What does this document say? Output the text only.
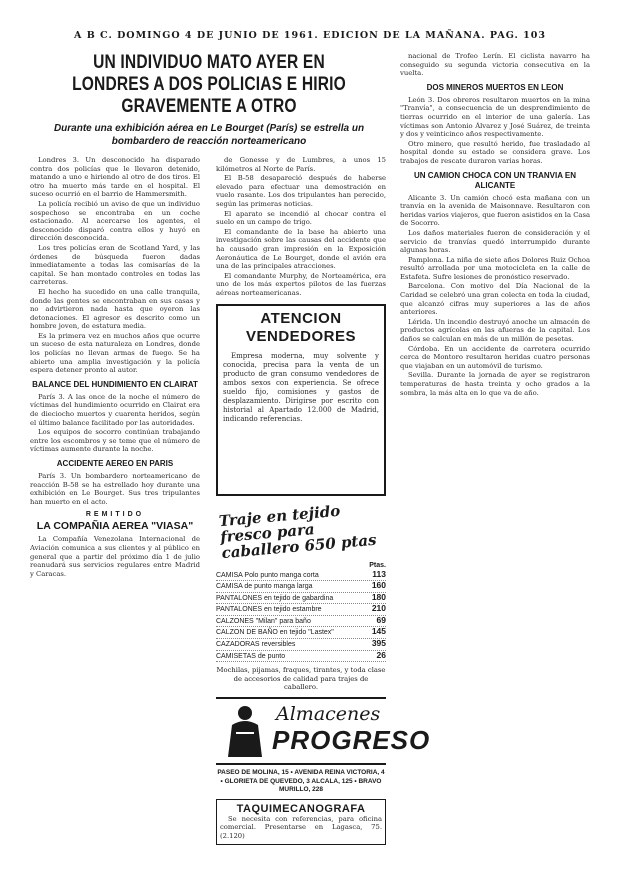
A B C. DOMINGO 4 DE JUNIO DE 1961. EDICION DE LA MAÑANA. PAG. 103
UN INDIVIDUO MATO AYER EN LONDRES A DOS POLICIAS E HIRIO GRAVEMENTE A OTRO
Durante una exhibición aérea en Le Bourget (París) se estrella un bombardero de reacción norteamericano

Londres 3. Un desconocido ha disparado contra dos policías que le llevaron detenido, matando a uno e hiriendo al otro de dos tiros. El otro ha muerto más tarde en el hospital. El suceso ocurrió en el barrio de Hammersmith.

La policía recibió un aviso de que un individuo sospechoso se encontraba en un coche estacionado. Al acercarse los agentes, el desconocido disparó contra ellos y huyó en dirección desconocida.

Los tres policías eran de Scotland Yard, y las órdenes de búsqueda fueron dadas inmediatamente a todas las comisarías de la capital. Se han montado controles en todas las carreteras.

El hecho ha sucedido en una calle tranquila, donde las gentes se encontraban en sus casas y no advirtieron nada hasta que oyeron las detonaciones. El agresor es descrito como un hombre joven, de estatura media.

Es la primera vez en muchos años que ocurre un suceso de esta naturaleza en Londres, donde los policías no llevan armas de fuego. Se ha abierto una amplia investigación y la policía espera detener pronto al autor.

BALANCE DEL HUNDIMIENTO EN CLAIRAT

París 3. A las once de la noche el número de víctimas del hundimiento ocurrido en Clairat era de dieciocho muertos y cuarenta heridos, según el último balance facilitado por las autoridades.

Los equipos de socorro continúan trabajando entre los escombros y se teme que el número de víctimas aumente durante la noche.

ACCIDENTE AEREO EN PARIS

París 3. Un bombardero norteamericano de reacción B-58 se ha estrellado hoy durante una exhibición en Le Bourget. Sus tres tripulantes han muerto en el acto.

REMITIDO
LA COMPAÑIA AEREA "VIASA"

La Compañía Venezolana Internacional de Aviación comunica a sus clientes y al público en general que a partir del próximo día 1 de julio reanudará sus servicios regulares entre Madrid y Caracas.

de Gonesse y de Lumbres, a unos 15 kilómetros al Norte de París.

El B-58 desapareció después de haberse elevado para efectuar una demostración en vuelo rasante. Los dos tripulantes han perecido, según las primeras noticias.

El aparato se incendió al chocar contra el suelo en un campo de trigo.

El comandante de la base ha abierto una investigación sobre las causas del accidente que ha causado gran impresión en la Exposición Aeronáutica de Le Bourget, donde el avión era una de las principales atracciones.

El comandante Murphy, de Norteamérica, era uno de los más expertos pilotos de las fuerzas aéreas norteamericanas.

ATENCION VENDEDORES

Empresa moderna, muy solvente y conocida, precisa para la venta de un producto de gran consumo vendedores de ambos sexos con experiencia. Se ofrece sueldo fijo, comisiones y gastos de desplazamiento. Dirigirse por escrito con historial al Apartado 12.000 de Madrid, indicando referencias.

Traje en tejido fresco para caballero 650 ptas
Ptas.
CAMISA Polo punto manga corta	113
CAMISA de punto manga larga	160
PANTALONES en tejido de gabardina	180
PANTALONES en tejido estambre	210
CALZONES "Milan" para baño	69
CALZON DE BAÑO en tejido "Lastex"	145
CAZADORAS reversibles	395
CAMISETAS de punto	26
Mochilas, pijamas, fraques, tirantes, y toda clase de accesorios de calidad para trajes de caballero.
Almacenes
PROGRESO
PASEO DE MOLINA, 15 • AVENIDA REINA VICTORIA, 4 • GLORIETA DE QUEVEDO, 3 ALCALA, 125 • BRAVO MURILLO, 228
TAQUIMECANOGRAFA

Se necesita con referencias, para oficina comercial. Presentarse en Lagasca, 75. (2.120)

nacional de Trofeo Lerín. El ciclista navarro ha conseguido su segunda victoria consecutiva en la vuelta.

DOS MINEROS MUERTOS EN LEON

León 3. Dos obreros resultaron muertos en la mina "Tranvía", a consecuencia de un desprendimiento de tierras ocurrido en el interior de una galería. Las víctimas son Antonio Álvarez y José Suárez, de treinta y dos y veinticinco años respectivamente.

Otro minero, que resultó herido, fue trasladado al hospital donde su estado se considera grave. Los trabajos de rescate duraron varias horas.

UN CAMION CHOCA CON UN TRANVIA EN ALICANTE

Alicante 3. Un camión chocó esta mañana con un tranvía en la avenida de Maisonnave. Resultaron con heridas varios viajeros, que fueron asistidos en la Casa de Socorro.

Los daños materiales fueron de consideración y el servicio de tranvías quedó interrumpido durante algunas horas.

Pamplona. La niña de siete años Dolores Ruiz Ochoa resultó arrollada por una motocicleta en la calle de Estafeta. Sufre lesiones de pronóstico reservado.

Barcelona. Con motivo del Día Nacional de la Caridad se celebró una gran colecta en toda la ciudad, que alcanzó cifras muy superiores a las de años anteriores.

Lérida. Un incendio destruyó anoche un almacén de productos agrícolas en las afueras de la capital. Los daños se calculan en más de un millón de pesetas.

Córdoba. En un accidente de carretera ocurrido cerca de Montoro resultaron heridas cuatro personas que viajaban en un automóvil de turismo.

Sevilla. Durante la jornada de ayer se registraron temperaturas de hasta treinta y ocho grados a la sombra, la más alta en lo que va de año.
